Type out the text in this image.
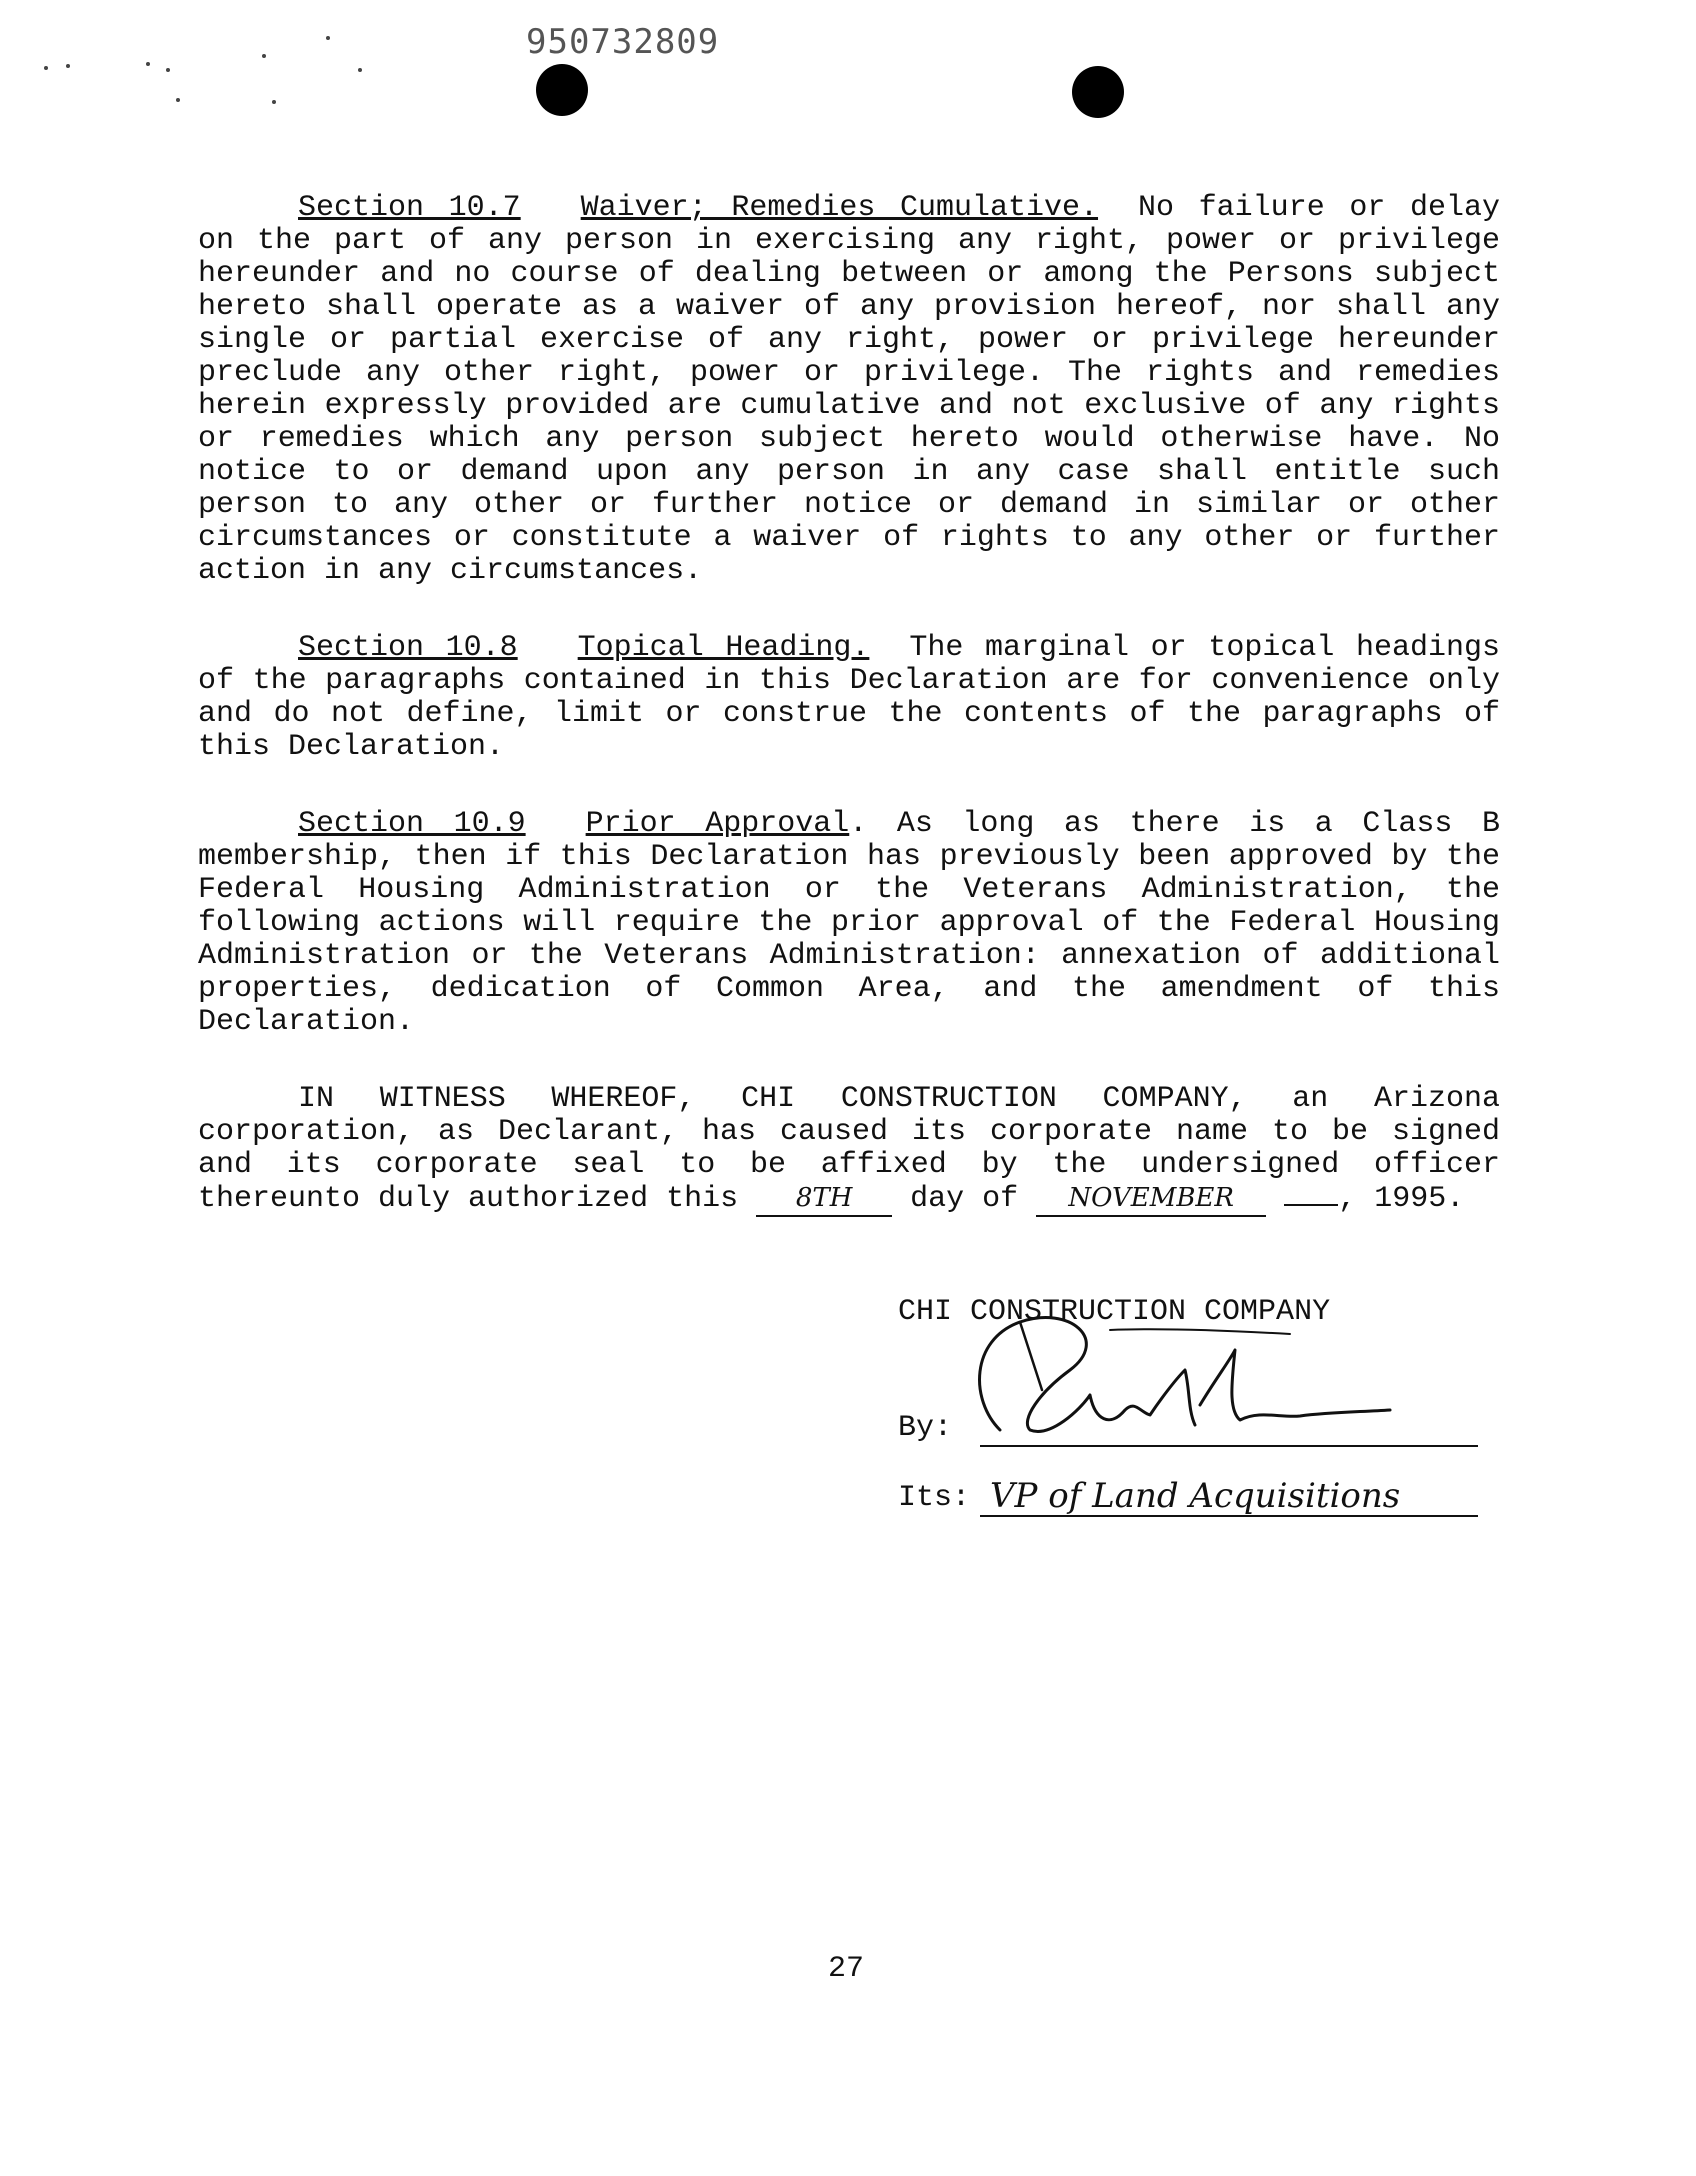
950732809

Section 10.7 Waiver; Remedies Cumulative. No failure or delay on the part of any person in exercising any right, power or privilege hereunder and no course of dealing between or among the Persons subject hereto shall operate as a waiver of any provision hereof, nor shall any single or partial exercise of any right, power or privilege hereunder preclude any other right, power or privilege. The rights and remedies herein expressly provided are cumulative and not exclusive of any rights or remedies which any person subject hereto would otherwise have. No notice to or demand upon any person in any case shall entitle such person to any other or further notice or demand in similar or other circumstances or constitute a waiver of rights to any other or further action in any circumstances.

Section 10.8 Topical Heading. The marginal or topical headings of the paragraphs contained in this Declaration are for convenience only and do not define, limit or construe the contents of the paragraphs of this Declaration.

Section 10.9 Prior Approval. As long as there is a Class B membership, then if this Declaration has previously been approved by the Federal Housing Administration or the Veterans Administration, the following actions will require the prior approval of the Federal Housing Administration or the Veterans Administration: annexation of additional properties, dedication of Common Area, and the amendment of this Declaration.

IN WITNESS WHEREOF, CHI CONSTRUCTION COMPANY, an Arizona corporation, as Declarant, has caused its corporate name to be signed and its corporate seal to be affixed by the undersigned officer thereunto duly authorized this 8TH day of NOVEMBER	, 1995.

CHI CONSTRUCTION COMPANY
By:
Its: VP of Land Acquisitions
27
